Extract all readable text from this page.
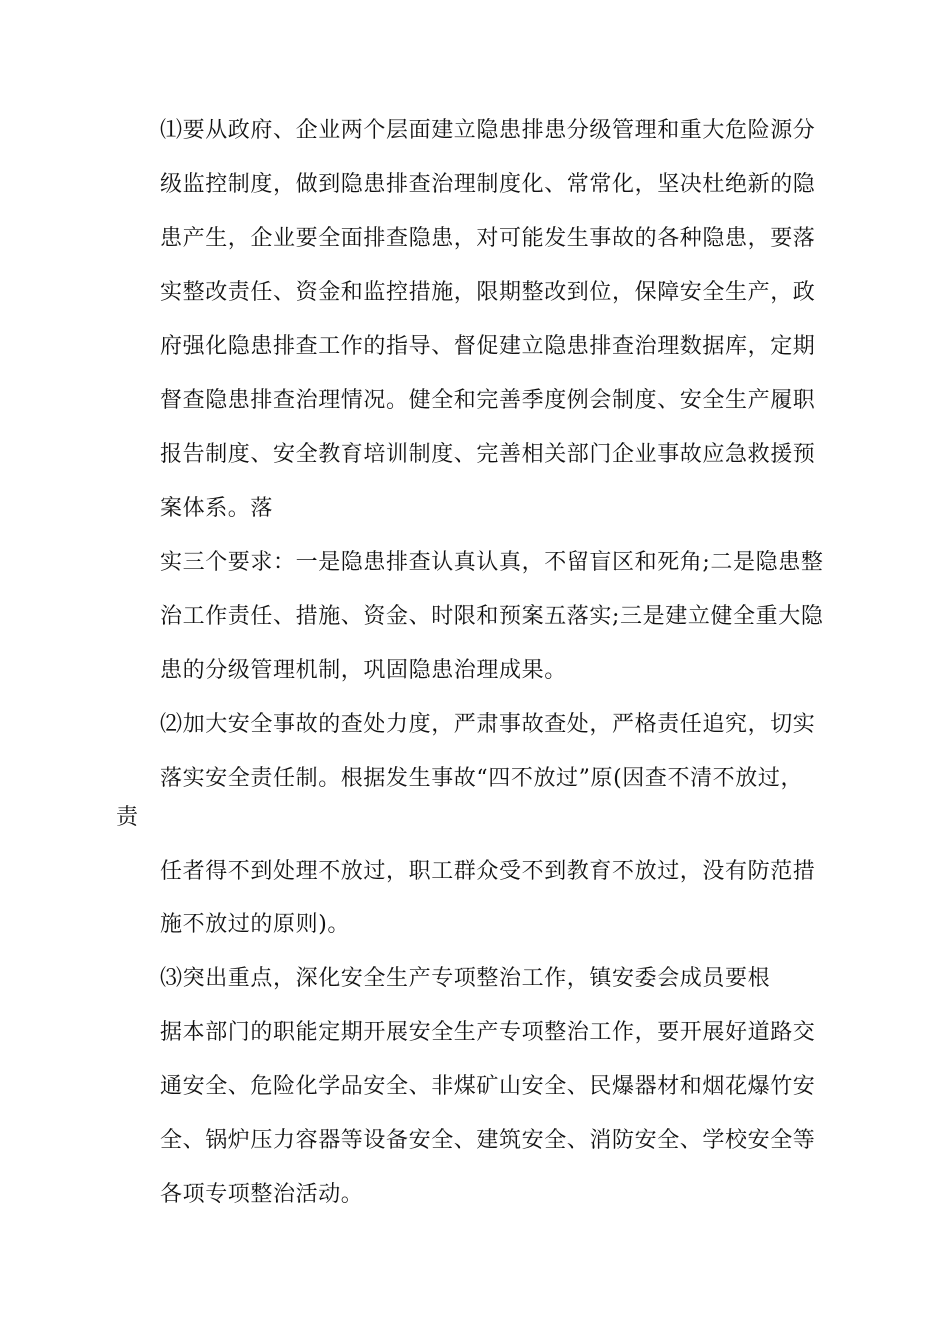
⑴要从政府、企业两个层面建立隐患排患分级管理和重大危险源分
级监控制度，做到隐患排查治理制度化、常常化，坚决杜绝新的隐
患产生，企业要全面排查隐患，对可能发生事故的各种隐患，要落
实整改责任、资金和监控措施，限期整改到位，保障安全生产，政
府强化隐患排查工作的指导、督促建立隐患排查治理数据库，定期
督查隐患排查治理情况。健全和完善季度例会制度、安全生产履职
报告制度、安全教育培训制度、完善相关部门企业事故应急救援预
案体系。落
实三个要求：一是隐患排查认真认真，不留盲区和死角;二是隐患整
治工作责任、措施、资金、时限和预案五落实;三是建立健全重大隐
患的分级管理机制，巩固隐患治理成果。
⑵加大安全事故的查处力度，严肃事故查处，严格责任追究，切实
落实安全责任制。根据发生事故“四不放过”原(因查不清不放过，
责
任者得不到处理不放过，职工群众受不到教育不放过，没有防范措
施不放过的原则)。
⑶突出重点，深化安全生产专项整治工作，镇安委会成员要根
据本部门的职能定期开展安全生产专项整治工作，要开展好道路交
通安全、危险化学品安全、非煤矿山安全、民爆器材和烟花爆竹安
全、锅炉压力容器等设备安全、建筑安全、消防安全、学校安全等
各项专项整治活动。
